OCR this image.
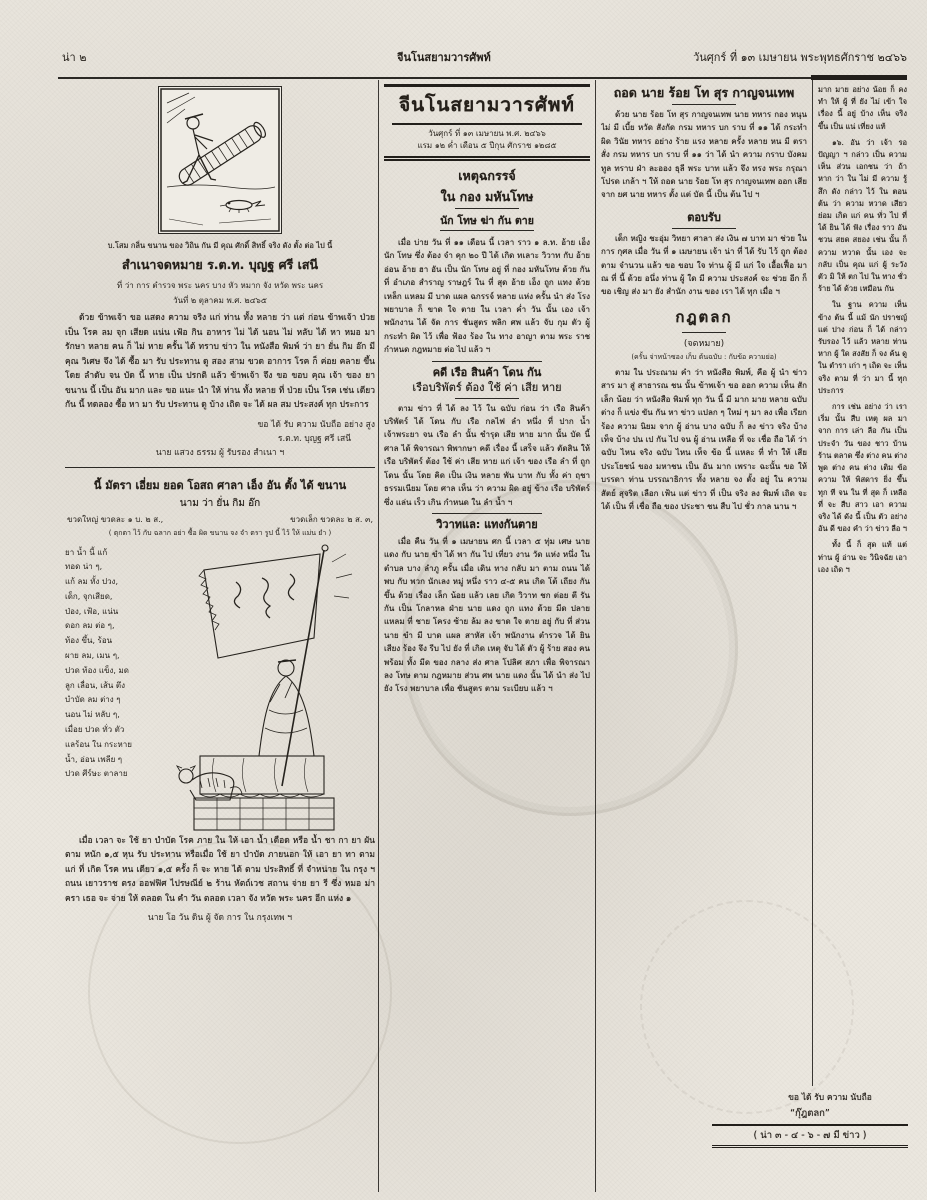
น่า ๒	จีนโนสยามวารศัพท์	วันศุกร์ ที่ ๑๓ เมษายน พระพุทธศักราช ๒๔๖๖
บ.โสม กลิ่น ขนาน ของ วิถิน กัน มี คุณ ศักดิ์ สิทธิ์ จริง ดัง ตั้ง ต่อ ไป นี้
สำเนาจดหมาย ร.ต.ท. บุญฐ ศรี เสนี
ที่ ว่า การ ตำรวจ พระ นคร บาง หัว หมาก จัง หวัด พระ นคร
วันที่ ๒ ตุลาคม พ.ศ. ๒๔๖๕

ด้วย ข้าพเจ้า ขอ แสดง ความ จริง แก่ ท่าน ทั้ง หลาย ว่า แต่ ก่อน ข้าพเจ้า ป่วย เป็น โรค ลม จุก เสียด แน่น เฟ้อ กิน อาหาร ไม่ ได้ นอน ไม่ หลับ ได้ หา หมอ มา รักษา หลาย คน ก็ ไม่ หาย ครั้น ได้ ทราบ ข่าว ใน หนังสือ พิมพ์ ว่า ยา ยั่น กิม อ๊ก มี คุณ วิเศษ จึง ได้ ซื้อ มา รับ ประทาน ดู สอง สาม ขวด อาการ โรค ก็ ค่อย คลาย ขึ้น โดย ลำดับ จน บัด นี้ หาย เป็น ปรกติ แล้ว ข้าพเจ้า จึง ขอ ขอบ คุณ เจ้า ของ ยา ขนาน นี้ เป็น อัน มาก และ ขอ แนะ นำ ให้ ท่าน ทั้ง หลาย ที่ ป่วย เป็น โรค เช่น เดียว กัน นี้ ทดลอง ซื้อ หา มา รับ ประทาน ดู บ้าง เถิด จะ ได้ ผล สม ประสงค์ ทุก ประการ

ขอ ได้ รับ ความ นับถือ อย่าง สูง
ร.ต.ท. บุญฐ ศรี เสนี
นาย แสวง ธรรม ผู้ รับรอง สำเนา ฯ
นี้ มัตรา เอี่ยม ยอด โอสถ ศาลา เอ็ง อัน ตั้ง ได้ ขนาน
นาม ว่า ยั่น กิม อ๊ก
ขวดใหญ่ ขวดละ ๑ บ. ๒ ส.,	ขวดเล็ก ขวดละ ๒ ส. ๓,
( ตุกตา ไว้ กับ ฉลาก อย่า ซื้อ ผิด ขนาน จง จำ ตรา รูป นี้ ไว้ ให้ แม่น ยำ )
ยา น้ำ นี้ แก้
ทอด น่า ๆ,
แก้ ลม ทั้ง ปวง,
เด็ก, จุกเสียด,
ป่อง, เฟ้อ, แน่น
ดอก ลม ต่อ ๆ,
ท้อง ขึ้น, ร้อน
ผาย ลม, เมน ๆ,
ปวด ท้อง แข็ง, มด
ลูก เลื่อน, เส้น ตึง
บำบัด ลม ต่าง ๆ
นอน ไม่ หลับ ๆ,
เมื่อย ปวด ทั่ว ตัว
แลร้อน ใน กระหาย
น้ำ, อ่อน เพลีย ๆ
ปวด ศีร์ษะ ตาลาย

เมื่อ เวลา จะ ใช้ ยา บำบัด โรค ภาย ใน ให้ เอา น้ำ เดือด หรือ น้ำ ชา กา ยา ผัน ตาม หนัก ๑,๕ หุน รับ ประทาน หรือเมื่อ ใช้ ยา บำบัด ภายนอก ให้ เอา ยา ทา ตาม แก่ ที่ เกิด โรค หน เดียว ๑,๕ ครั้ง ก็ จะ หาย ได้ ตาม ประสิทธิ์ ที่ จำหน่าย ใน กรุง ฯ ถนน เยาวราช ตรง ออฟฟิศ ไปรษณีย์ ๒ ร้าน หัตถ์เวช สถาน จ่าย ยา รี ซึ่ง หมอ ม่า ครา เธอ จะ จ่าย ให้ ตลอด ใน คำ วัน ตลอด เวลา จัง หวัด พระ นคร อีก แห่ง ๑

นาย โอ วัน ดิน ผู้ จัด การ ใน กรุงเทพ ฯ
จีนโนสยามวารศัพท์
วันศุกร์ ที่ ๑๓ เมษายน พ.ศ. ๒๔๖๖
แรม ๑๒ ค่ำ เดือน ๕ ปีกุน ศักราช ๑๒๘๕
เหตุฉกรรจ์
ใน กอง มหันโทษ
นัก โทษ ฆ่า กัน ตาย

เมื่อ บ่าย วัน ที่ ๑๑ เดือน นี้ เวลา ราว ๑ ล.ท. อ้าย เอ็ง นัก โทษ ซึ่ง ต้อง จำ คุก ๒๐ ปี ได้ เกิด ทเลาะ วิวาท กับ อ้าย อ่อน อ้าย ฮา อัน เป็น นัก โทษ อยู่ ที่ กอง มหันโทษ ด้วย กัน ที่ อำเภอ สำราญ ราษฎร์ ใน ที่ สุด อ้าย เอ็ง ถูก แทง ด้วย เหล็ก แหลม มี บาด แผล ฉกรรจ์ หลาย แห่ง ครั้น นำ ส่ง โรง พยาบาล ก็ ขาด ใจ ตาย ใน เวลา ค่ำ วัน นั้น เอง เจ้า พนักงาน ได้ จัด การ ชันสูตร พลิก ศพ แล้ว จับ กุม ตัว ผู้ กระทำ ผิด ไว้ เพื่อ ฟ้อง ร้อง ใน ทาง อาญา ตาม พระ ราช กำหนด กฎหมาย ต่อ ไป แล้ว ฯ

คดี เรือ สินค้า โดน กัน
เรือบริพัตร์ ต้อง ใช้ ค่า เสีย หาย

ตาม ข่าว ที่ ได้ ลง ไว้ ใน ฉบับ ก่อน ว่า เรือ สินค้า บริพัตร์ ได้ โดน กับ เรือ กลไฟ ลำ หนึ่ง ที่ ปาก น้ำ เจ้าพระยา จน เรือ ลำ นั้น ชำรุด เสีย หาย มาก นั้น บัด นี้ ศาล ได้ พิจารณา พิพากษา คดี เรื่อง นี้ เสร็จ แล้ว ตัดสิน ให้ เรือ บริพัตร์ ต้อง ใช้ ค่า เสีย หาย แก่ เจ้า ของ เรือ ลำ ที่ ถูก โดน นั้น โดย คิด เป็น เงิน หลาย พัน บาท กับ ทั้ง ค่า ฤชา ธรรมเนียม โดย ศาล เห็น ว่า ความ ผิด อยู่ ข้าง เรือ บริพัตร์ ซึ่ง แล่น เร็ว เกิน กำหนด ใน ลำ น้ำ ฯ

วิวาทแล: แทงกันตาย

เมื่อ คืน วัน ที่ ๑ เมษายน ศก นี้ เวลา ๕ ทุ่ม เศษ นาย แดง กับ นาย ขำ ได้ พา กัน ไป เที่ยว งาน วัด แห่ง หนึ่ง ใน ตำบล บาง ลำภู ครั้น เมื่อ เดิน ทาง กลับ มา ตาม ถนน ได้ พบ กับ พวก นักเลง หมู่ หนึ่ง ราว ๔-๕ คน เกิด โต้ เถียง กัน ขึ้น ด้วย เรื่อง เล็ก น้อย แล้ว เลย เกิด วิวาท ชก ต่อย ตี รัน กัน เป็น โกลาหล ฝ่าย นาย แดง ถูก แทง ด้วย มีด ปลาย แหลม ที่ ชาย โครง ซ้าย ล้ม ลง ขาด ใจ ตาย อยู่ กับ ที่ ส่วน นาย ขำ มี บาด แผล สาหัส เจ้า พนักงาน ตำรวจ ได้ ยิน เสียง ร้อง จึง รีบ ไป ยัง ที่ เกิด เหตุ จับ ได้ ตัว ผู้ ร้าย สอง คน พร้อม ทั้ง มีด ของ กลาง ส่ง ศาล โปลิศ สภา เพื่อ พิจารณา ลง โทษ ตาม กฎหมาย ส่วน ศพ นาย แดง นั้น ได้ นำ ส่ง ไป ยัง โรง พยาบาล เพื่อ ชันสูตร ตาม ระเบียบ แล้ว ฯ

ถอด นาย ร้อย โท สุร กาญจนเทพ

ด้วย นาย ร้อย โท สุร กาญจนเทพ นาย ทหาร กอง หนุน ไม่ มี เบี้ย หวัด สังกัด กรม ทหาร บก ราบ ที่ ๑๑ ได้ กระทำ ผิด วินัย ทหาร อย่าง ร้าย แรง หลาย ครั้ง หลาย หน มี ตรา สั่ง กรม ทหาร บก ราบ ที่ ๑๑ ว่า ได้ นำ ความ กราบ บังคม ทูล ทราบ ฝ่า ละออง ธุลี พระ บาท แล้ว จึง ทรง พระ กรุณา โปรด เกล้า ฯ ให้ ถอด นาย ร้อย โท สุร กาญจนเทพ ออก เสีย จาก ยศ นาย ทหาร ตั้ง แต่ บัด นี้ เป็น ต้น ไป ฯ

ตอบรับ

เด็ก หญิง ชะอุ่ม วิทยา ศาลา ส่ง เงิน ๗ บาท มา ช่วย ใน การ กุศล เมื่อ วัน ที่ ๑ เมษายน เจ้า น่า ที่ ได้ รับ ไว้ ถูก ต้อง ตาม จำนวน แล้ว ขอ ขอบ ใจ ท่าน ผู้ มี แก่ ใจ เอื้อเฟื้อ มา ณ ที่ นี้ ด้วย อนึ่ง ท่าน ผู้ ใด มี ความ ประสงค์ จะ ช่วย อีก ก็ ขอ เชิญ ส่ง มา ยัง สำนัก งาน ของ เรา ได้ ทุก เมื่อ ฯ

กฎตลก
(จดหมาย)
(ครั้น จ่าหน้าซอง เก็บ ต้นฉบับ : กับข้อ ความย่อ)

ตาม ใน ประณาม คำ ว่า หนังสือ พิมพ์, คือ ผู้ นำ ข่าว สาร มา สู่ สาธารณ ชน นั้น ข้าพเจ้า ขอ ออก ความ เห็น สัก เล็ก น้อย ว่า หนังสือ พิมพ์ ทุก วัน นี้ มี มาก มาย หลาย ฉบับ ต่าง ก็ แข่ง ขัน กัน หา ข่าว แปลก ๆ ใหม่ ๆ มา ลง เพื่อ เรียก ร้อง ความ นิยม จาก ผู้ อ่าน บาง ฉบับ ก็ ลง ข่าว จริง บ้าง เท็จ บ้าง ปน เป กัน ไป จน ผู้ อ่าน เหลือ ที่ จะ เชื่อ ถือ ได้ ว่า ฉบับ ไหน จริง ฉบับ ไหน เท็จ ข้อ นี้ แหละ ที่ ทำ ให้ เสีย ประโยชน์ ของ มหาชน เป็น อัน มาก เพราะ ฉะนั้น ขอ ให้ บรรดา ท่าน บรรณาธิการ ทั้ง หลาย จง ตั้ง อยู่ ใน ความ สัตย์ สุจริต เลือก เฟ้น แต่ ข่าว ที่ เป็น จริง ลง พิมพ์ เถิด จะ ได้ เป็น ที่ เชื่อ ถือ ของ ประชา ชน สืบ ไป ชั่ว กาล นาน ฯ

มาก มาย อย่าง น้อย ก็ คง ทำ ให้ ผู้ ที่ ยัง ไม่ เข้า ใจ เรื่อง นี้ อยู่ บ้าง เห็น จริง ขึ้น เป็น แน่ เที่ยง แท้

๑๖. อัน ว่า เจ้า รอ ปัญญา ฯ กล่าว เป็น ความ เห็น ส่วน เอกชน ว่า ถ้า หาก ว่า ใน ไม่ มี ความ รู้ สึก ดัง กล่าว ไว้ ใน ตอน ต้น ว่า ความ หวาด เสียว ย่อม เกิด แก่ คน ทั่ว ไป ที่ ได้ ยิน ได้ ฟัง เรื่อง ราว อัน ชวน สยด สยอง เช่น นั้น ก็ ความ หวาด นั้น เอง จะ กลับ เป็น คุณ แก่ ผู้ ระวัง ตัว มิ ให้ ตก ไป ใน ทาง ชั่ว ร้าย ได้ ด้วย เหมือน กัน

ใน ฐาน ความ เห็น ข้าง ต้น นี้ แม้ นัก ปราชญ์ แต่ ปาง ก่อน ก็ ได้ กล่าว รับรอง ไว้ แล้ว หลาย ท่าน หาก ผู้ ใด สงสัย ก็ จง ค้น ดู ใน ตำรา เก่า ๆ เถิด จะ เห็น จริง ตาม ที่ ว่า มา นี้ ทุก ประการ

การ เช่น อย่าง ว่า เรา เริ่ม นั้น สืบ เหตุ ผล มา จาก การ เล่า ลือ กัน เป็น ประจำ วัน ของ ชาว บ้าน ร้าน ตลาด ซึ่ง ต่าง คน ต่าง พูด ต่าง คน ต่าง เติม ข้อ ความ ให้ พิสดาร ยิ่ง ขึ้น ทุก ที จน ใน ที่ สุด ก็ เหลือ ที่ จะ สืบ สาว เอา ความ จริง ได้ ดัง นี้ เป็น ตัว อย่าง อัน ดี ของ คำ ว่า ข่าว ลือ ฯ

ทั้ง นี้ ก็ สุด แท้ แต่ ท่าน ผู้ อ่าน จะ วินิจฉัย เอา เอง เถิด ฯ

ขอ ได้ รับ ความ นับถือ
“กุ๊ฎตลก”
( น่า ๓ - ๔ - ๖ - ๗ มี ข่าว )
